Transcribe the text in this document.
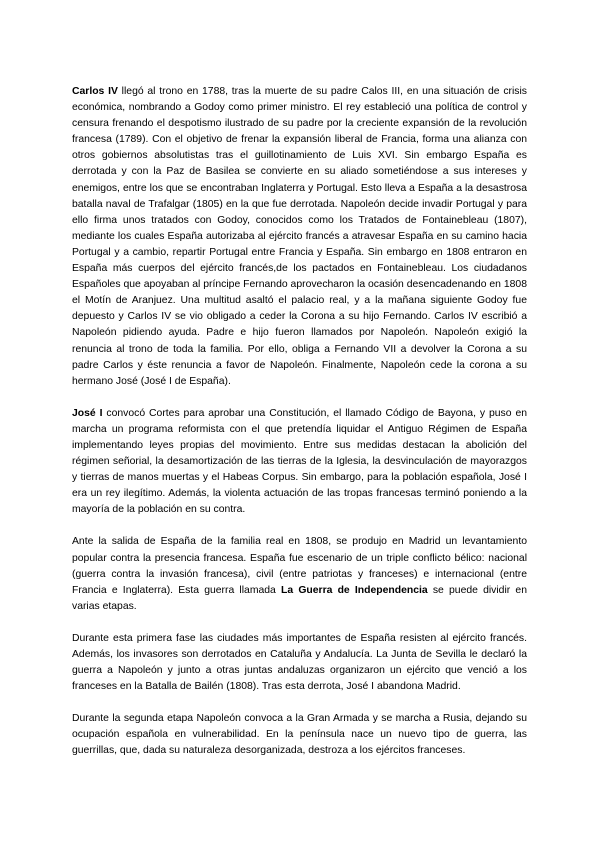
Carlos IV llegó al trono en 1788, tras la muerte de su padre Calos III, en una situación de crisis económica, nombrando a Godoy como primer ministro. El rey estableció una política de control y censura frenando el despotismo ilustrado de su padre por la creciente expansión de la revolución francesa (1789). Con el objetivo de frenar la expansión liberal de Francia, forma una alianza con otros gobiernos absolutistas tras el guillotinamiento de Luis XVI. Sin embargo España es derrotada y con la Paz de Basilea se convierte en su aliado sometiéndose a sus intereses y enemigos, entre los que se encontraban Inglaterra y Portugal. Esto lleva a España a la desastrosa batalla naval de Trafalgar (1805) en la que fue derrotada. Napoleón decide invadir Portugal y para ello firma unos tratados con Godoy, conocidos como los Tratados de Fontainebleau (1807), mediante los cuales España autorizaba al ejército francés a atravesar España en su camino hacia Portugal y a cambio, repartir Portugal entre Francia y España. Sin embargo en 1808 entraron en España más cuerpos del ejército francés,de los pactados en Fontainebleau. Los ciudadanos Españoles que apoyaban al príncipe Fernando aprovecharon la ocasión desencadenando en 1808 el Motín de Aranjuez. Una multitud asaltó el palacio real, y a la mañana siguiente Godoy fue depuesto y Carlos IV se vio obligado a ceder la Corona a su hijo Fernando. Carlos IV escribió a Napoleón pidiendo ayuda. Padre e hijo fueron llamados por Napoleón. Napoleón exigió la renuncia al trono de toda la familia. Por ello, obliga a Fernando VII a devolver la Corona a su padre Carlos y éste renuncia a favor de Napoleón. Finalmente, Napoleón cede la corona a su hermano José (José I de España).

José I convocó Cortes para aprobar una Constitución, el llamado Código de Bayona, y puso en marcha un programa reformista con el que pretendía liquidar el Antiguo Régimen de España implementando leyes propias del movimiento. Entre sus medidas destacan la abolición del régimen señorial, la desamortización de las tierras de la Iglesia, la desvinculación de mayorazgos y tierras de manos muertas y el Habeas Corpus. Sin embargo, para la población española, José I era un rey ilegítimo. Además, la violenta actuación de las tropas francesas terminó poniendo a la mayoría de la población en su contra.

Ante la salida de España de la familia real en 1808, se produjo en Madrid un levantamiento popular contra la presencia francesa. España fue escenario de un triple conflicto bélico: nacional (guerra contra la invasión francesa), civil (entre patriotas y franceses) e internacional (entre Francia e Inglaterra). Esta guerra llamada La Guerra de Independencia se puede dividir en varias etapas.

Durante esta primera fase las ciudades más importantes de España resisten al ejército francés. Además, los invasores son derrotados en Cataluña y Andalucía. La Junta de Sevilla le declaró la guerra a Napoleón y junto a otras juntas andaluzas organizaron un ejército que venció a los franceses en la Batalla de Bailén (1808). Tras esta derrota, José I abandona Madrid.

Durante la segunda etapa Napoleón convoca a la Gran Armada y se marcha a Rusia, dejando su ocupación española en vulnerabilidad. En la península nace un nuevo tipo de guerra, las guerrillas, que, dada su naturaleza desorganizada, destroza a los ejércitos franceses.
